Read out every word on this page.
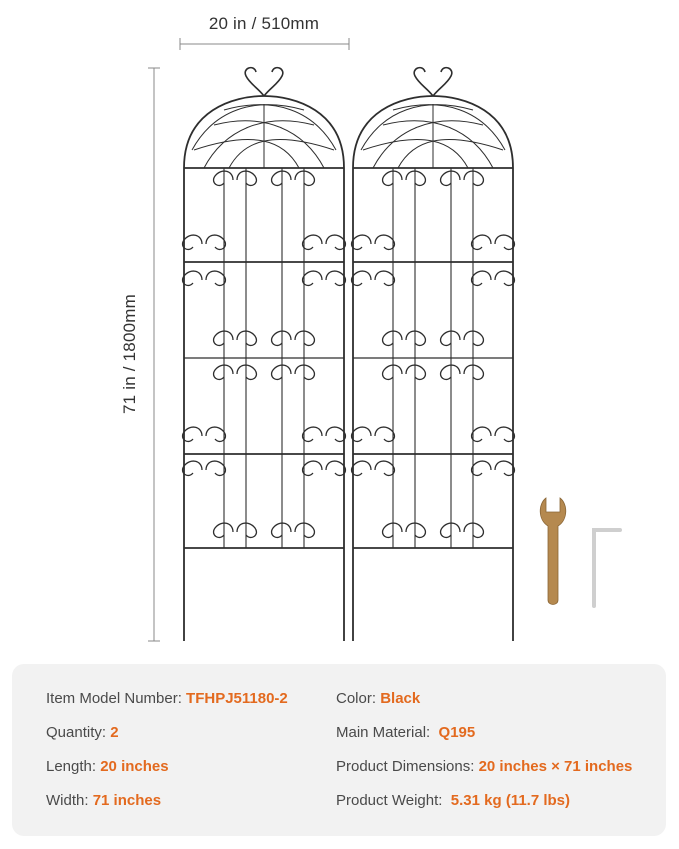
20 in / 510mm
71 in / 1800mm
Item Model Number: TFHPJ51180-2
Quantity: 2
Length: 20 inches
Width: 71 inches
Color: Black
Main Material:  Q195
Product Dimensions: 20 inches × 71 inches
Product Weight:  5.31 kg (11.7 lbs)
